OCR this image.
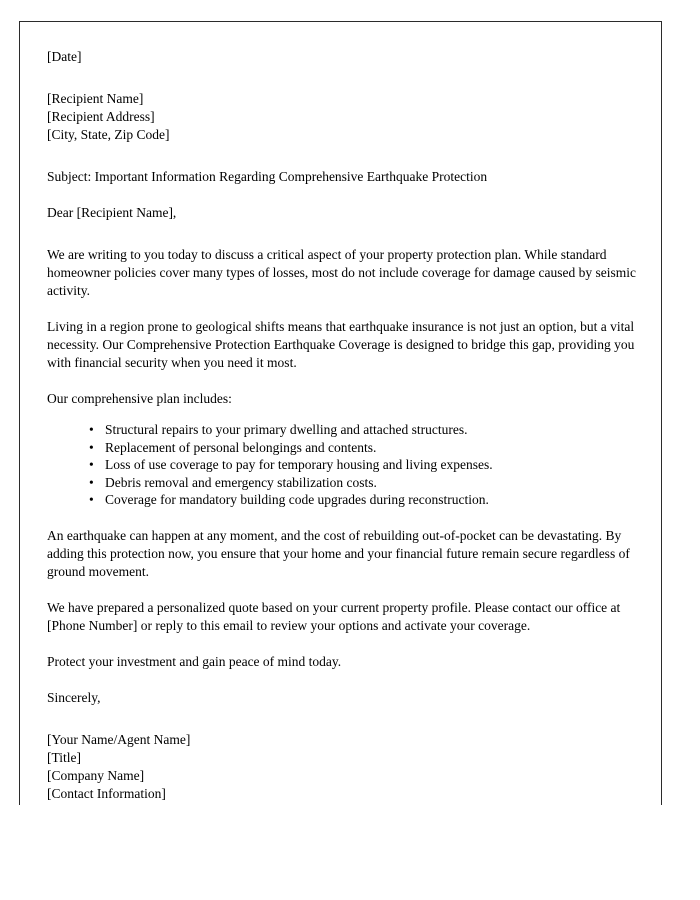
[Date]
[Recipient Name]
[Recipient Address]
[City, State, Zip Code]
Subject: Important Information Regarding Comprehensive Earthquake Protection
Dear [Recipient Name],

We are writing to you today to discuss a critical aspect of your property protection plan. While standard homeowner policies cover many types of losses, most do not include coverage for damage caused by seismic activity.

Living in a region prone to geological shifts means that earthquake insurance is not just an option, but a vital necessity. Our Comprehensive Protection Earthquake Coverage is designed to bridge this gap, providing you with financial security when you need it most.

Our comprehensive plan includes:

• Structural repairs to your primary dwelling and attached structures.
• Replacement of personal belongings and contents.
• Loss of use coverage to pay for temporary housing and living expenses.
• Debris removal and emergency stabilization costs.
• Coverage for mandatory building code upgrades during reconstruction.

An earthquake can happen at any moment, and the cost of rebuilding out-of-pocket can be devastating. By adding this protection now, you ensure that your home and your financial future remain secure regardless of ground movement.

We have prepared a personalized quote based on your current property profile. Please contact our office at [Phone Number] or reply to this email to review your options and activate your coverage.

Protect your investment and gain peace of mind today.

Sincerely,
[Your Name/Agent Name]
[Title]
[Company Name]
[Contact Information]
